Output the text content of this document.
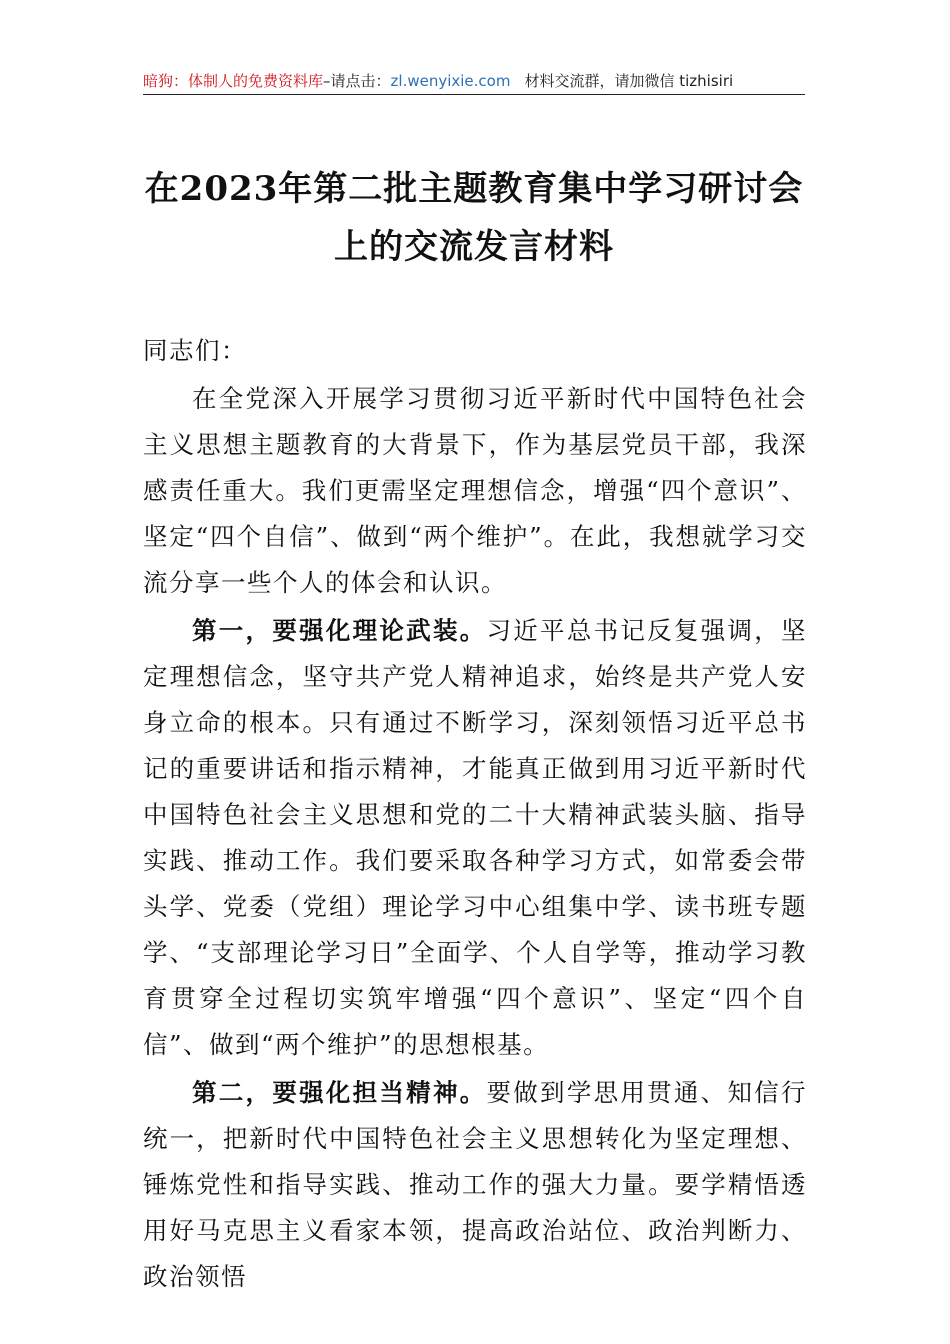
暗狗：体制人的免费资料库–请点击：zl.wenyixie.com 材料交流群，请加微信 tizhisiri
在2023年第二批主题教育集中学习研讨会
上的交流发言材料

同志们：

在全党深入开展学习贯彻习近平新时代中国特色社会主义思想主题教育的大背景下，作为基层党员干部，我深感责任重大。我们更需坚定理想信念，增强“四个意识”、坚定“四个自信”、做到“两个维护”。在此，我想就学习交流分享一些个人的体会和认识。

第一，要强化理论武装。习近平总书记反复强调，坚定理想信念，坚守共产党人精神追求，始终是共产党人安身立命的根本。只有通过不断学习，深刻领悟习近平总书记的重要讲话和指示精神，才能真正做到用习近平新时代中国特色社会主义思想和党的二十大精神武装头脑、指导实践、推动工作。我们要采取各种学习方式，如常委会带头学、党委（党组）理论学习中心组集中学、读书班专题学、“支部理论学习日”全面学、个人自学等，推动学习教育贯穿全过程切实筑牢增强“四个意识”、坚定“四个自信”、做到“两个维护”的思想根基。

第二，要强化担当精神。要做到学思用贯通、知信行统一，把新时代中国特色社会主义思想转化为坚定理想、锤炼党性和指导实践、推动工作的强大力量。要学精悟透用好马克思主义看家本领，提高政治站位、政治判断力、政治领悟
